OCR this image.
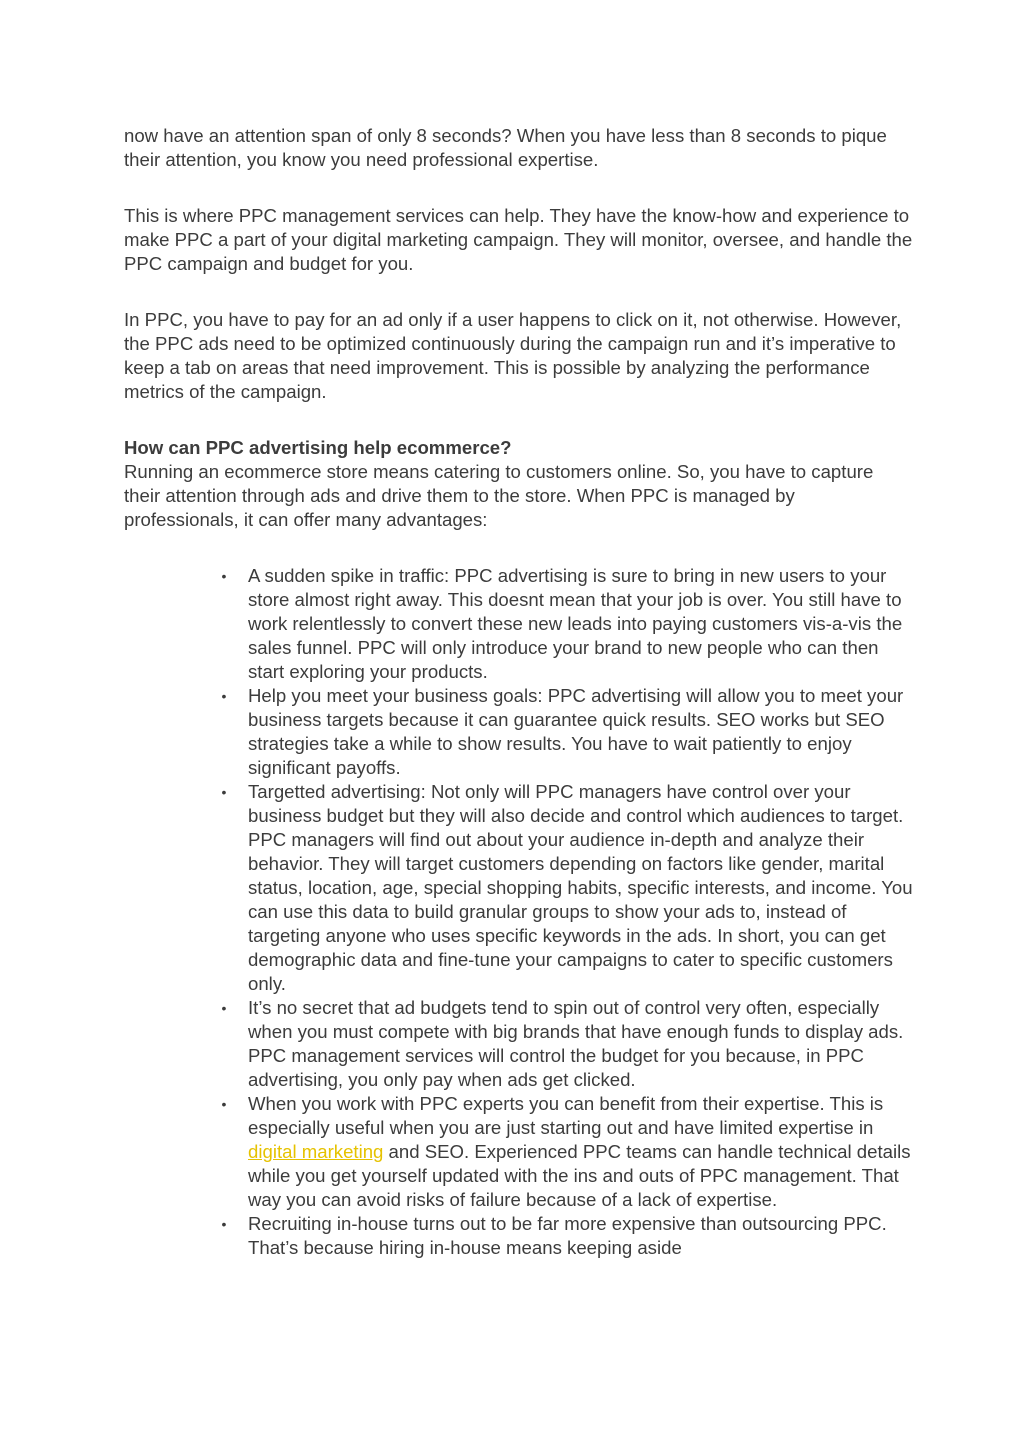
now have an attention span of only 8 seconds? When you have less than 8 seconds to pique their attention, you know you need professional expertise.

This is where PPC management services can help. They have the know-how and experience to make PPC a part of your digital marketing campaign. They will monitor, oversee, and handle the PPC campaign and budget for you.

In PPC, you have to pay for an ad only if a user happens to click on it, not otherwise. However, the PPC ads need to be optimized continuously during the campaign run and it’s imperative to keep a tab on areas that need improvement. This is possible by analyzing the performance metrics of the campaign.

How can PPC advertising help ecommerce?
Running an ecommerce store means catering to customers online. So, you have to capture their attention through ads and drive them to the store. When PPC is managed by professionals, it can offer many advantages:
• A sudden spike in traffic: PPC advertising is sure to bring in new users to your store almost right away. This doesnt mean that your job is over. You still have to work relentlessly to convert these new leads into paying customers vis-a-vis the sales funnel. PPC will only introduce your brand to new people who can then start exploring your products.
• Help you meet your business goals: PPC advertising will allow you to meet your business targets because it can guarantee quick results. SEO works but SEO strategies take a while to show results. You have to wait patiently to enjoy significant payoffs.
• Targetted advertising: Not only will PPC managers have control over your business budget but they will also decide and control which audiences to target. PPC managers will find out about your audience in-depth and analyze their behavior. They will target customers depending on factors like gender, marital status, location, age, special shopping habits, specific interests, and income. You can use this data to build granular groups to show your ads to, instead of targeting anyone who uses specific keywords in the ads. In short, you can get demographic data and fine-tune your campaigns to cater to specific customers only.
• It’s no secret that ad budgets tend to spin out of control very often, especially when you must compete with big brands that have enough funds to display ads. PPC management services will control the budget for you because, in PPC advertising, you only pay when ads get clicked.
• When you work with PPC experts you can benefit from their expertise. This is especially useful when you are just starting out and have limited expertise in digital marketing and SEO. Experienced PPC teams can handle technical details while you get yourself updated with the ins and outs of PPC management. That way you can avoid risks of failure because of a lack of expertise.
• Recruiting in-house turns out to be far more expensive than outsourcing PPC. That’s because hiring in-house means keeping aside
